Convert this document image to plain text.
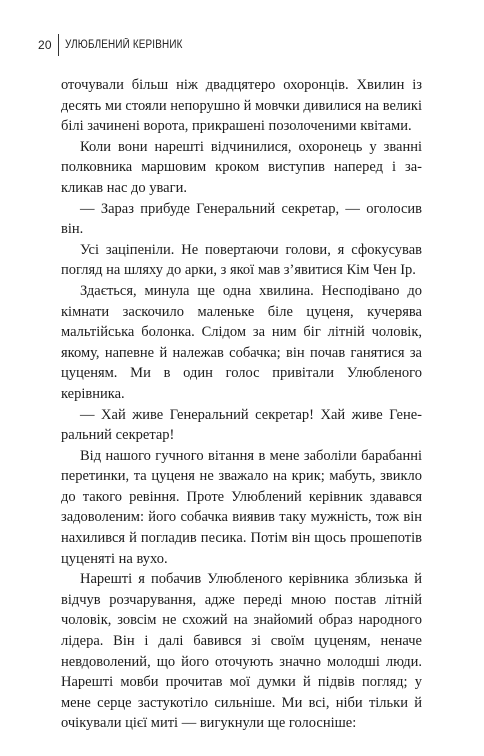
20	УЛЮБЛЕНИЙ КЕРІВНИК

оточували більш ніж двадцятеро охоронців. Хвилин із десять ми стояли непорушно й мовчки дивилися на великі білі зачинені ворота, прикрашені позолоченими квітами.

Коли вони нарешті відчинилися, охоронець у званні полковника маршовим кроком виступив наперед і закликав нас до уваги.

— Зараз прибуде Генеральний секретар, — оголосив він.

Усі заціпеніли. Не повертаючи голови, я сфокусував погляд на шляху до арки, з якої мав з’явитися Кім Чен Ір.

Здається, минула ще одна хвилина. Несподівано до кімнати заскочило маленьке біле цуценя, кучерява мальтійська болонка. Слідом за ним біг літній чоловік, якому, напевне й належав собачка; він почав ганятися за цуценям. Ми в один голос привітали Улюбленого керівника.

— Хай живе Генеральний секретар! Хай живе Генеральний секретар!

Від нашого гучного вітання в мене заболіли барабанні перетинки, та цуценя не зважало на крик; мабуть, звикло до такого ревіння. Проте Улюблений керівник здавався задоволеним: його собачка виявив таку мужність, тож він нахилився й погладив песика. Потім він щось прошепотів цуценяті на вухо.

Нарешті я побачив Улюбленого керівника зблизька й відчув розчарування, адже переді мною постав літній чоловік, зовсім не схожий на знайомий образ народного лідера. Він і далі бавився зі своїм цуценям, неначе невдоволений, що його оточують значно молодші люди. Нарешті мовби прочитав мої думки й підвів погляд; у мене серце застукотіло сильніше. Ми всі, ніби тільки й очікували цієї миті — вигукнули ще голосніше:
